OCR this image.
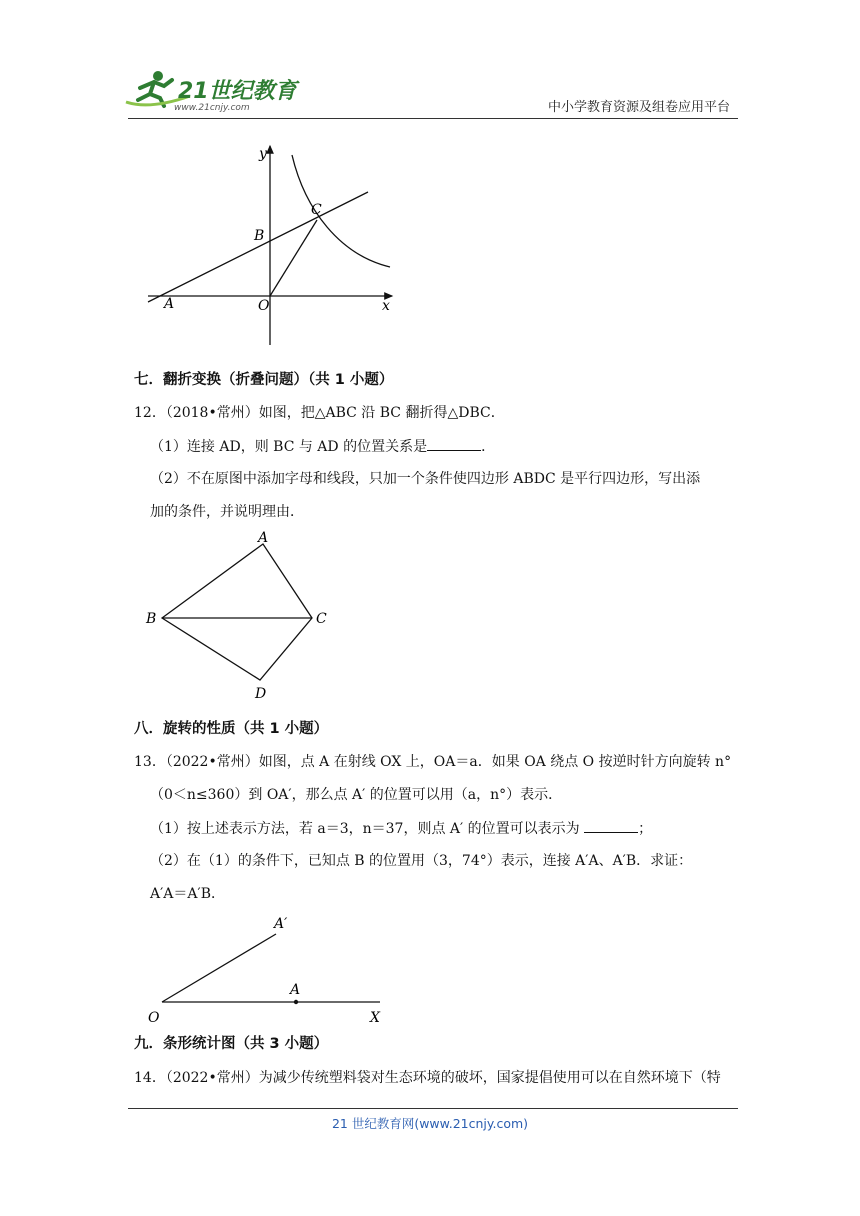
21世纪教育
www.21cnjy.com	中小学教育资源及组卷应用平台
y
x
O
A
B
C
七．翻折变换（折叠问题）（共 1 小题）
12．（2018•常州）如图，把△ABC 沿 BC 翻折得△DBC．
（1）连接 AD，则 BC 与 AD 的位置关系是	．
（2）不在原图中添加字母和线段，只加一个条件使四边形 ABDC 是平行四边形，写出添
加的条件，并说明理由．
A
B	C
D
八．旋转的性质（共 1 小题）
13．（2022•常州）如图，点 A 在射线 OX 上，OA＝a．如果 OA 绕点 O 按逆时针方向旋转 n°
（0＜n≤360）到 OA′，那么点 A′ 的位置可以用（a，n°）表示．
（1）按上述表示方法，若 a＝3，n＝37，则点 A′ 的位置可以表示为	；
（2）在（1）的条件下，已知点 B 的位置用（3，74°）表示，连接 A′A、A′B．求证：
A′A＝A′B．
A′
A
O	X
九．条形统计图（共 3 小题）
14．（2022•常州）为减少传统塑料袋对生态环境的破坏，国家提倡使用可以在自然环境下（特
21 世纪教育网(www.21cnjy.com)
